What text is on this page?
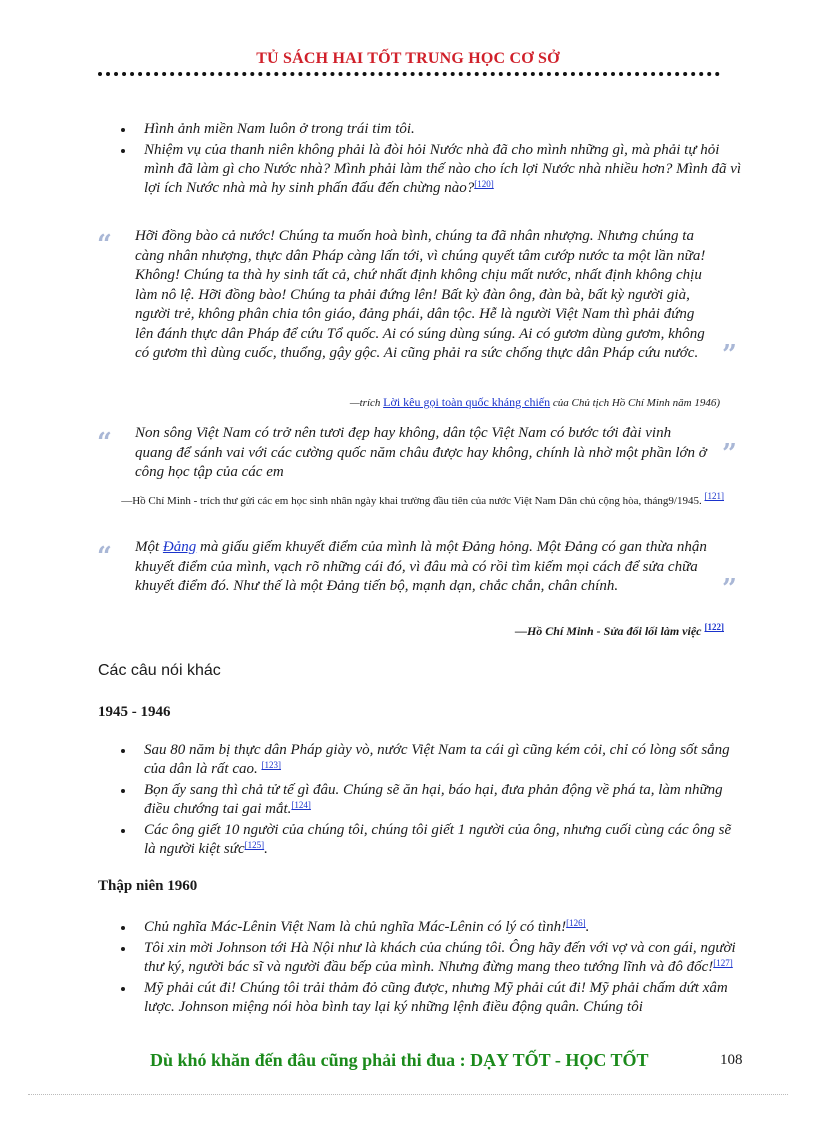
TỦ SÁCH HAI TỐT TRUNG HỌC CƠ SỞ
Hình ảnh miền Nam luôn ở trong trái tim tôi.
Nhiệm vụ của thanh niên không phải là đòi hỏi Nước nhà đã cho mình những gì, mà phải tự hỏi mình đã làm gì cho Nước nhà? Mình phải làm thế nào cho ích lợi Nước nhà nhiều hơn? Mình đã vì lợi ích Nước nhà mà hy sinh phấn đấu đến chừng nào?[120]
“ Hỡi đồng bào cả nước! Chúng ta muốn hoà bình, chúng ta đã nhân nhượng. Nhưng chúng ta càng nhân nhượng, thực dân Pháp càng lấn tới, vì chúng quyết tâm cướp nước ta một lần nữa! Không! Chúng ta thà hy sinh tất cả, chứ nhất định không chịu mất nước, nhất định không chịu làm nô lệ. Hỡi đồng bào! Chúng ta phải đứng lên! Bất kỳ đàn ông, đàn bà, bất kỳ người già, người trẻ, không phân chia tôn giáo, đảng phái, dân tộc. Hễ là người Việt Nam thì phải đứng lên đánh thực dân Pháp để cứu Tổ quốc. Ai có súng dùng súng. Ai có gươm dùng gươm, không có gươm thì dùng cuốc, thuổng, gậy gộc. Ai cũng phải ra sức chống thực dân Pháp cứu nước. ”
—trích Lời kêu gọi toàn quốc kháng chiến của Chủ tịch Hồ Chí Minh năm 1946)
“ Non sông Việt Nam có trở nên tươi đẹp hay không, dân tộc Việt Nam có bước tới đài vinh quang để sánh vai với các cường quốc năm châu được hay không, chính là nhờ một phần lớn ở công học tập của các em
”
—Hồ Chí Minh - trích thư gửi các em học sinh nhân ngày khai trường đầu tiên của nước Việt Nam Dân chủ cộng hòa, tháng9/1945. [121]
“ Một Đảng mà giấu giếm khuyết điểm của mình là một Đảng hỏng. Một Đảng có gan thừa nhận khuyết điểm của mình, vạch rõ những cái đó, vì đâu mà có rồi tìm kiếm mọi cách để sửa chữa khuyết điểm đó. Như thế là một Đảng tiến bộ, mạnh dạn, chắc chắn, chân chính.	”
—Hồ Chí Minh - Sửa đổi lối làm việc [122]
Các câu nói khác
1945 - 1946
Sau 80 năm bị thực dân Pháp giày vò, nước Việt Nam ta cái gì cũng kém cỏi, chỉ có lòng sốt sắng của dân là rất cao. [123]
Bọn ấy sang thì chả tử tế gì đâu. Chúng sẽ ăn hại, báo hại, đưa phản động về phá ta, làm những điều chướng tai gai mắt.[124]
Các ông giết 10 người của chúng tôi, chúng tôi giết 1 người của ông, nhưng cuối cùng các ông sẽ là người kiệt sức[125].
Thập niên 1960
Chủ nghĩa Mác-Lênin Việt Nam là chủ nghĩa Mác-Lênin có lý có tình![126].
Tôi xin mời Johnson tới Hà Nội như là khách của chúng tôi. Ông hãy đến với vợ và con gái, người thư ký, người bác sĩ và người đầu bếp của mình. Nhưng đừng mang theo tướng lĩnh và đô đốc![127]
Mỹ phải cút đi! Chúng tôi trải thảm đỏ cũng được, nhưng Mỹ phải cút đi! Mỹ phải chấm dứt xâm lược. Johnson miệng nói hòa bình tay lại ký những lệnh điều động quân. Chúng tôi
Dù khó khăn đến đâu cũng phải thi đua : DẠY TỐT - HỌC TỐT	108
